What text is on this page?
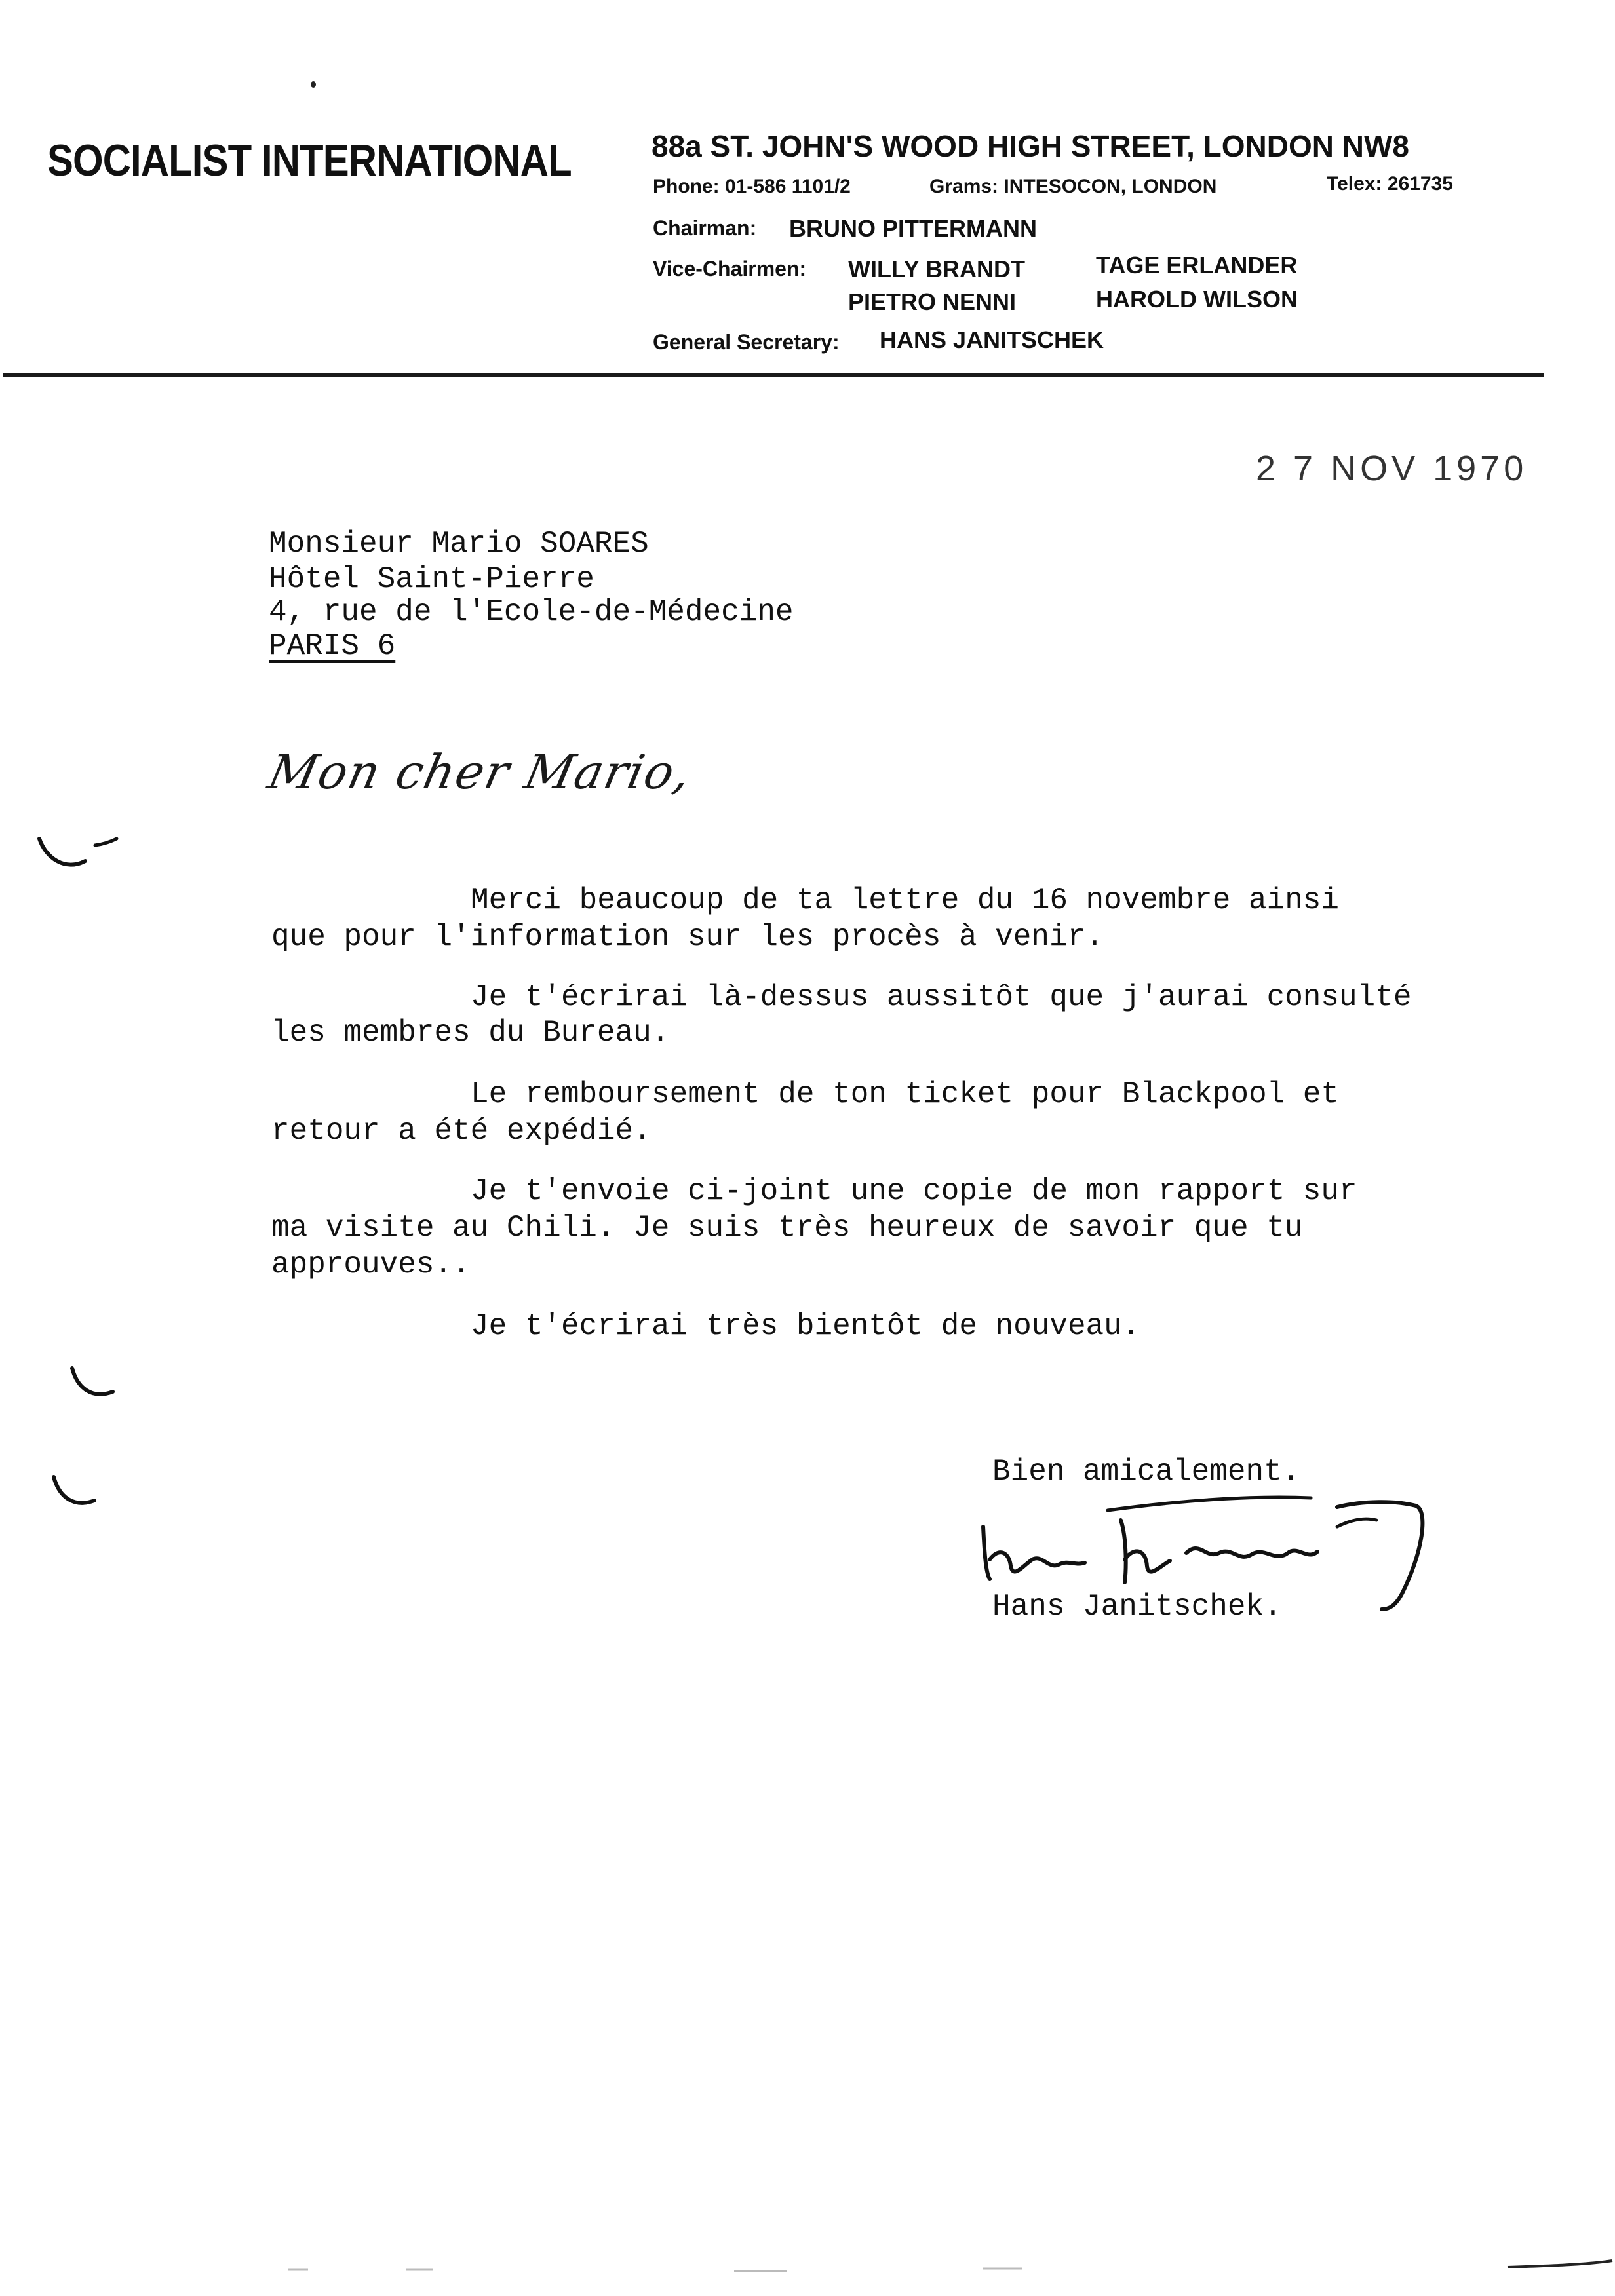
SOCIALIST INTERNATIONAL	88a ST. JOHN'S WOOD HIGH STREET, LONDON NW8
Phone: 01-586 1101/2	Grams: INTESOCON, LONDON	Telex: 261735
Chairman: BRUNO PITTERMANN
Vice-Chairmen: WILLY BRANDT	TAGE ERLANDER
PIETRO NENNI	HAROLD WILSON
General Secretary: HANS JANITSCHEK
2 7 NOV 1970
Monsieur Mario SOARES
Hôtel Saint-Pierre
4, rue de l'Ecole-de-Médecine
PARIS 6
Mon cher Mario,
Merci beaucoup de ta lettre du 16 novembre ainsi
que pour l'information sur les procès à venir.
Je t'écrirai là-dessus aussitôt que j'aurai consulté
les membres du Bureau.
Le remboursement de ton ticket pour Blackpool et
retour a été expédié.
Je t'envoie ci-joint une copie de mon rapport sur
ma visite au Chili. Je suis très heureux de savoir que tu
approuves..
Je t'écrirai très bientôt de nouveau.
Bien amicalement.
Hans Janitschek.
